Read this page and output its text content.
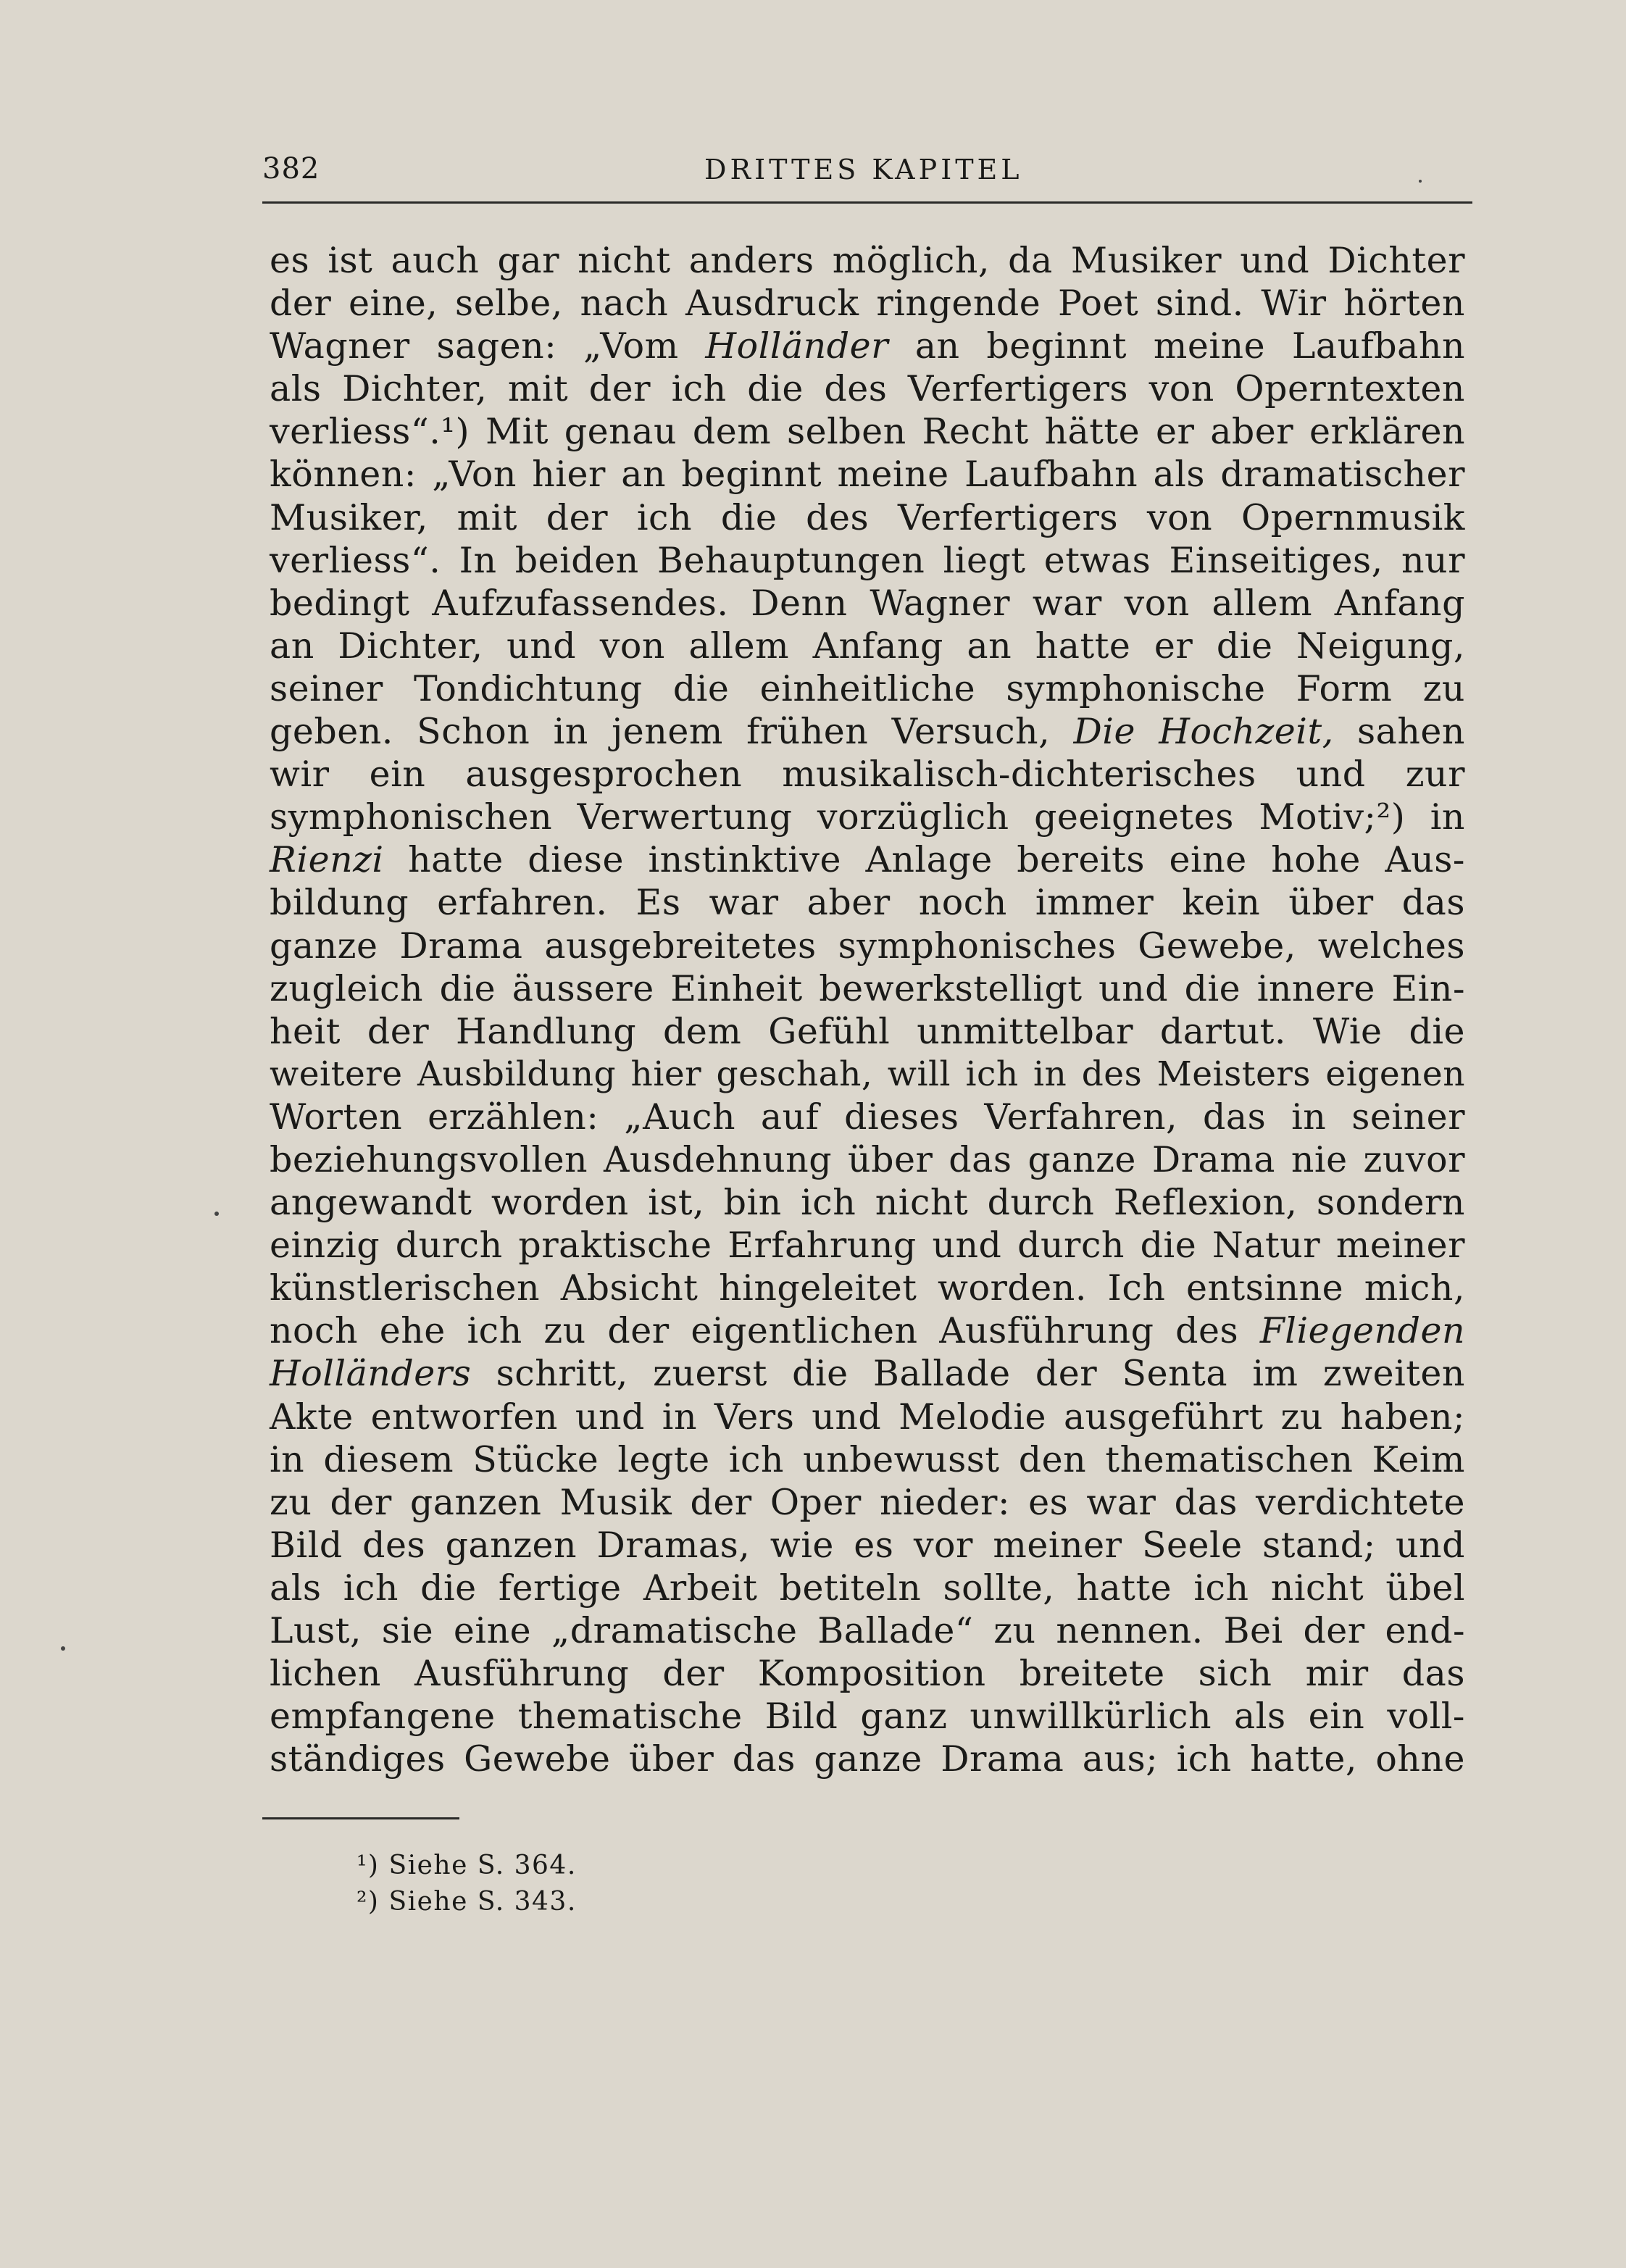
382	DRITTES KAPITEL
es ist auch gar nicht anders möglich, da Musiker und Dichter
der eine, selbe, nach Ausdruck ringende Poet sind. Wir hörten
Wagner sagen: „Vom Holländer an beginnt meine Laufbahn
als Dichter, mit der ich die des Verfertigers von Operntexten
verliess“.¹) Mit genau dem selben Recht hätte er aber erklären
können: „Von hier an beginnt meine Laufbahn als dramatischer
Musiker, mit der ich die des Verfertigers von Opernmusik
verliess“. In beiden Behauptungen liegt etwas Einseitiges, nur
bedingt Aufzufassendes. Denn Wagner war von allem Anfang
an Dichter, und von allem Anfang an hatte er die Neigung,
seiner Tondichtung die einheitliche symphonische Form zu
geben. Schon in jenem frühen Versuch, Die Hochzeit, sahen
wir ein ausgesprochen musikalisch-dichterisches und zur
symphonischen Verwertung vorzüglich geeignetes Motiv;²) in
Rienzi hatte diese instinktive Anlage bereits eine hohe Aus-
bildung erfahren. Es war aber noch immer kein über das
ganze Drama ausgebreitetes symphonisches Gewebe, welches
zugleich die äussere Einheit bewerkstelligt und die innere Ein-
heit der Handlung dem Gefühl unmittelbar dartut. Wie die
weitere Ausbildung hier geschah, will ich in des Meisters eigenen
Worten erzählen: „Auch auf dieses Verfahren, das in seiner
beziehungsvollen Ausdehnung über das ganze Drama nie zuvor
angewandt worden ist, bin ich nicht durch Reflexion, sondern
einzig durch praktische Erfahrung und durch die Natur meiner
künstlerischen Absicht hingeleitet worden. Ich entsinne mich,
noch ehe ich zu der eigentlichen Ausführung des Fliegenden
Holländers schritt, zuerst die Ballade der Senta im zweiten
Akte entworfen und in Vers und Melodie ausgeführt zu haben;
in diesem Stücke legte ich unbewusst den thematischen Keim
zu der ganzen Musik der Oper nieder: es war das verdichtete
Bild des ganzen Dramas, wie es vor meiner Seele stand; und
als ich die fertige Arbeit betiteln sollte, hatte ich nicht übel
Lust, sie eine „dramatische Ballade“ zu nennen. Bei der end-
lichen Ausführung der Komposition breitete sich mir das
empfangene thematische Bild ganz unwillkürlich als ein voll-
ständiges Gewebe über das ganze Drama aus; ich hatte, ohne
¹) Siehe S. 364.
²) Siehe S. 343.
